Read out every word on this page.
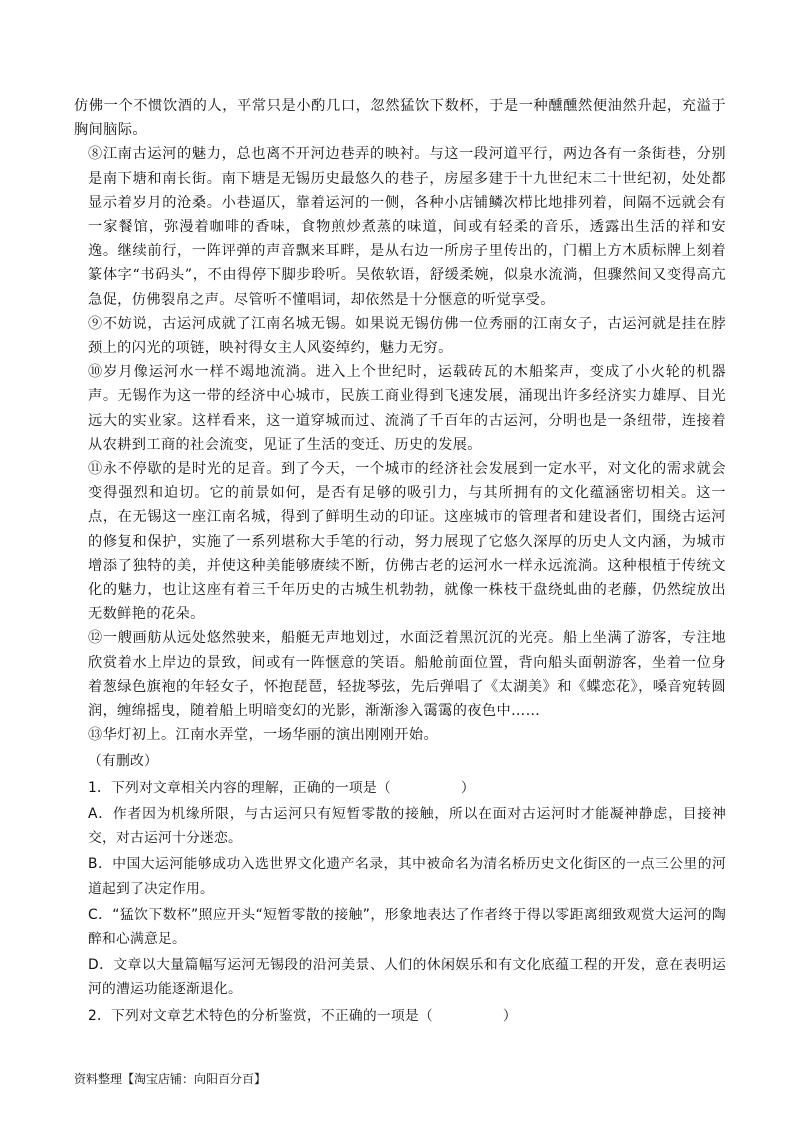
仿佛一个不惯饮酒的人，平常只是小酌几口，忽然猛饮下数杯，于是一种醺醺然便油然升起，充溢于胸间脑际。

⑧江南古运河的魅力，总也离不开河边巷弄的映衬。与这一段河道平行，两边各有一条街巷，分别是南下塘和南长街。南下塘是无锡历史最悠久的巷子，房屋多建于十九世纪末二十世纪初，处处都显示着岁月的沧桑。小巷逼仄，靠着运河的一侧，各种小店铺鳞次栉比地排列着，间隔不远就会有一家餐馆，弥漫着咖啡的香味，食物煎炒煮蒸的味道，间或有轻柔的音乐，透露出生活的祥和安逸。继续前行，一阵评弹的声音飘来耳畔，是从右边一所房子里传出的，门楣上方木质标牌上刻着篆体字“书码头”，不由得停下脚步聆听。吴侬软语，舒缓柔婉，似泉水流淌，但骤然间又变得高亢急促，仿佛裂帛之声。尽管听不懂唱词，却依然是十分惬意的听觉享受。

⑨不妨说，古运河成就了江南名城无锡。如果说无锡仿佛一位秀丽的江南女子，古运河就是挂在脖颈上的闪光的项链，映衬得女主人风姿绰约，魅力无穷。

⑩岁月像运河水一样不竭地流淌。进入上个世纪时，运载砖瓦的木船桨声，变成了小火轮的机器声。无锡作为这一带的经济中心城市，民族工商业得到飞速发展，涌现出许多经济实力雄厚、目光远大的实业家。这样看来，这一道穿城而过、流淌了千百年的古运河，分明也是一条纽带，连接着从农耕到工商的社会流变，见证了生活的变迁、历史的发展。

⑪永不停歇的是时光的足音。到了今天，一个城市的经济社会发展到一定水平，对文化的需求就会变得强烈和迫切。它的前景如何，是否有足够的吸引力，与其所拥有的文化蕴涵密切相关。这一点，在无锡这一座江南名城，得到了鲜明生动的印证。这座城市的管理者和建设者们，围绕古运河的修复和保护，实施了一系列堪称大手笔的行动，努力展现了它悠久深厚的历史人文内涵，为城市增添了独特的美，并使这种美能够赓续不断，仿佛古老的运河水一样永远流淌。这种根植于传统文化的魅力，也让这座有着三千年历史的古城生机勃勃，就像一株枝干盘绕虬曲的老藤，仍然绽放出无数鲜艳的花朵。

⑫一艘画舫从远处悠然驶来，船艇无声地划过，水面泛着黑沉沉的光亮。船上坐满了游客，专注地欣赏着水上岸边的景致，间或有一阵惬意的笑语。船舱前面位置，背向船头面朝游客，坐着一位身着葱绿色旗袍的年轻女子，怀抱琵琶，轻拢琴弦，先后弹唱了《太湖美》和《蝶恋花》，嗓音宛转圆润，缠绵摇曳，随着船上明暗变幻的光影，渐渐渗入霭霭的夜色中……

⑬华灯初上。江南水弄堂，一场华丽的演出刚刚开始。

（有删改）

1．下列对文章相关内容的理解，正确的一项是（　　　　　）

A．作者因为机缘所限，与古运河只有短暂零散的接触，所以在面对古运河时才能凝神静虑，目接神交，对古运河十分迷恋。

B．中国大运河能够成功入选世界文化遗产名录，其中被命名为清名桥历史文化街区的一点三公里的河道起到了决定作用。

C．“猛饮下数杯”照应开头“短暂零散的接触”，形象地表达了作者终于得以零距离细致观赏大运河的陶醉和心满意足。

D．文章以大量篇幅写运河无锡段的沿河美景、人们的休闲娱乐和有文化底蕴工程的开发，意在表明运河的漕运功能逐渐退化。

2．下列对文章艺术特色的分析鉴赏，不正确的一项是（　　　　　）

资料整理【淘宝店铺：向阳百分百】
